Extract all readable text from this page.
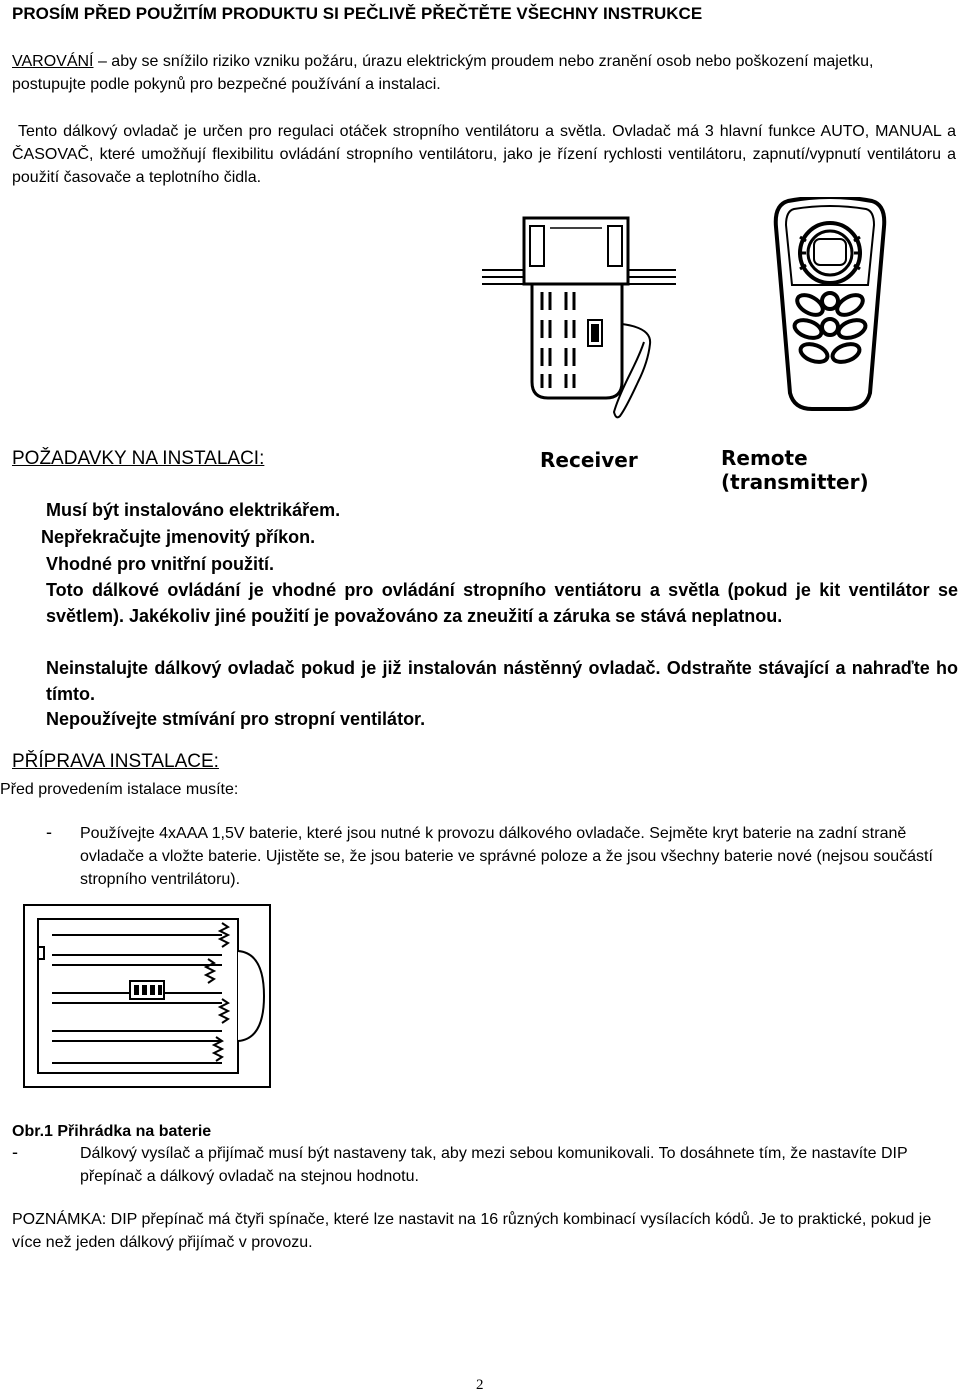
PROSÍM PŘED POUŽITÍM PRODUKTU SI PEČLIVĚ PŘEČTĚTE VŠECHNY INSTRUKCE
VAROVÁNÍ – aby se snížilo riziko vzniku požáru, úrazu elektrickým proudem nebo zranění osob nebo poškození majetku, postupujte podle pokynů pro bezpečné používání a instalaci.
Tento dálkový ovladač je určen pro regulaci otáček stropního ventilátoru a světla. Ovladač má 3 hlavní funkce AUTO, MANUAL a ČASOVAČ, které umožňují flexibilitu ovládání stropního ventilátoru, jako je řízení rychlosti ventilátoru, zapnutí/vypnutí ventilátoru a použití časovače a teplotního čidla.
Receiver	Remote (transmitter)
POŽADAVKY NA INSTALACI:
Musí být instalováno elektrikářem.
Nepřekračujte jmenovitý příkon.
Vhodné pro vnitřní použití.
Toto dálkové ovládání je vhodné pro ovládání stropního ventiátoru a světla (pokud je kit ventilátor se světlem). Jakékoliv jiné použití je považováno za zneužití a záruka se stává neplatnou.
Neinstalujte dálkový ovladač pokud je již instalován nástěnný ovladač. Odstraňte stávající a nahraďte ho tímto.
Nepoužívejte stmívání pro stropní ventilátor.
PŘÍPRAVA INSTALACE:
Před provedením istalace musíte:
- Používejte 4xAAA 1,5V baterie, které jsou nutné k provozu dálkového ovladače. Sejměte kryt baterie na zadní straně ovladače a vložte baterie. Ujistěte se, že jsou baterie ve správné poloze a že jsou všechny baterie nové (nejsou součástí stropního ventrilátoru).
Obr.1 Přihrádka na baterie
-	Dálkový vysílač a přijímač musí být nastaveny tak, aby mezi sebou komunikovali. To dosáhnete tím, že nastavíte DIP přepínač a dálkový ovladač na stejnou hodnotu.
POZNÁMKA: DIP přepínač má čtyři spínače, které lze nastavit na 16 různých kombinací vysílacích kódů. Je to praktické, pokud je více než jeden dálkový přijímač v provozu.
2
